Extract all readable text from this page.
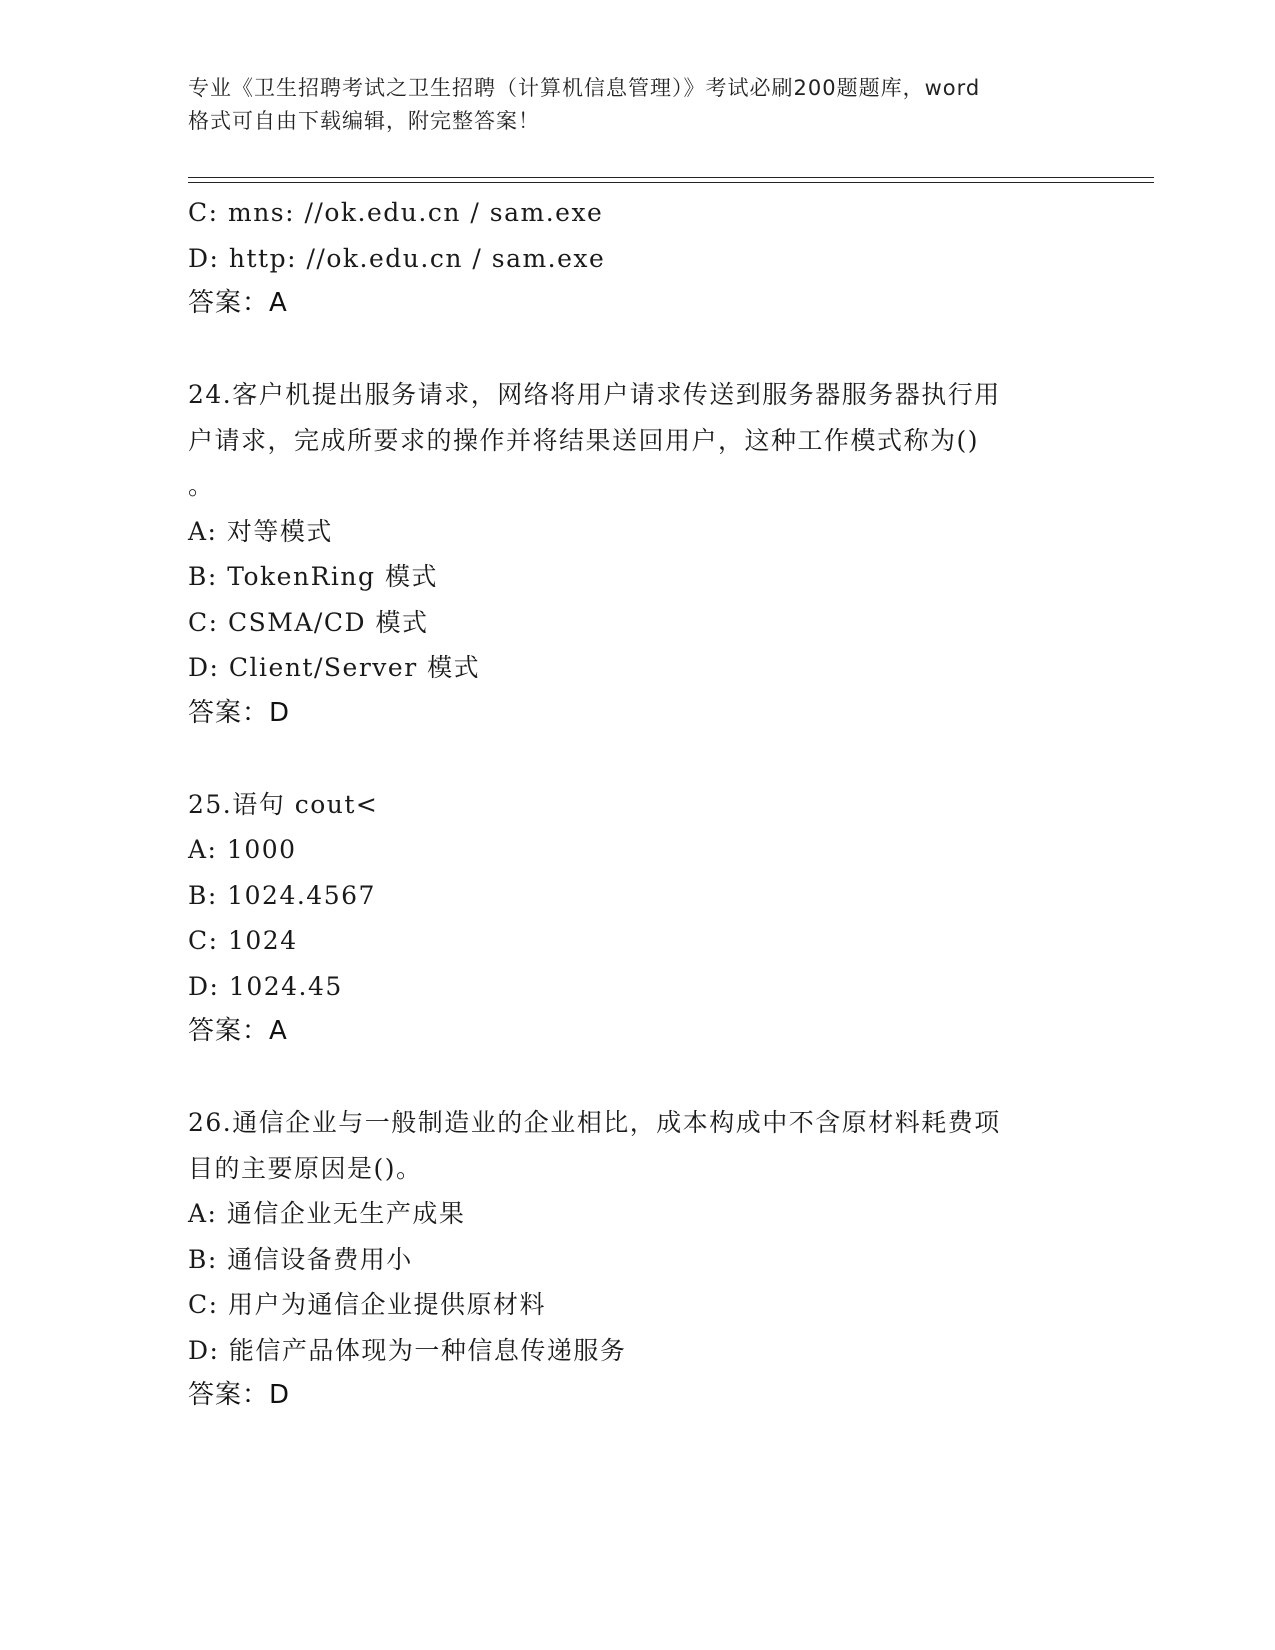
专业《卫生招聘考试之卫生招聘（计算机信息管理）》考试必刷200题题库，word
格式可自由下载编辑，附完整答案！
C: mns: //ok.edu.cn / sam.exe
D: http: //ok.edu.cn / sam.exe
答案：A
24.客户机提出服务请求，网络将用户请求传送到服务器服务器执行用
户请求，完成所要求的操作并将结果送回用户，这种工作模式称为()
。
A: 对等模式
B: TokenRing 模式
C: CSMA/CD 模式
D: Client/Server 模式
答案：D
25.语句 cout<
A: 1000
B: 1024.4567
C: 1024
D: 1024.45
答案：A
26.通信企业与一般制造业的企业相比，成本构成中不含原材料耗费项
目的主要原因是()。
A: 通信企业无生产成果
B: 通信设备费用小
C: 用户为通信企业提供原材料
D: 能信产品体现为一种信息传递服务
答案：D
